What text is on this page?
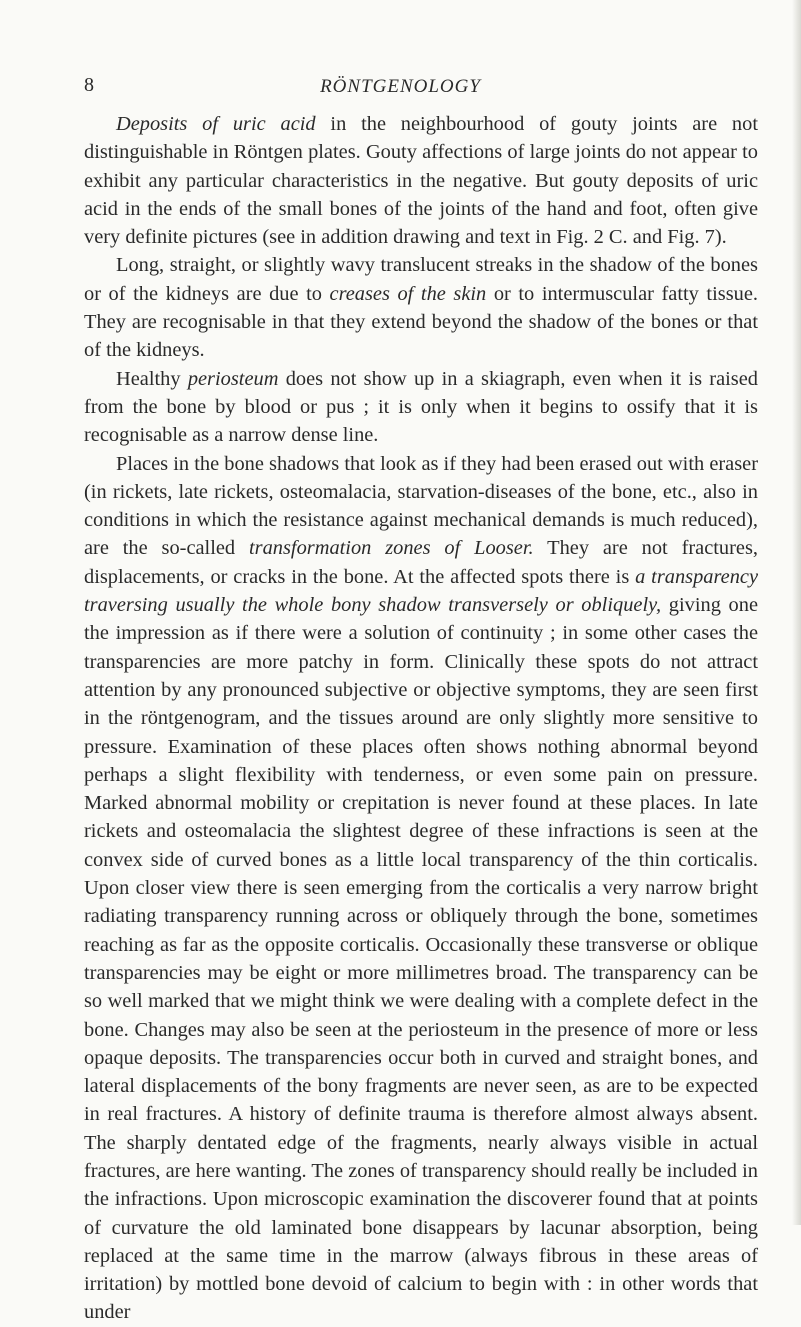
8	RÖNTGENOLOGY

Deposits of uric acid in the neighbourhood of gouty joints are not distinguishable in Röntgen plates. Gouty affections of large joints do not appear to exhibit any particular characteristics in the negative. But gouty deposits of uric acid in the ends of the small bones of the joints of the hand and foot, often give very definite pictures (see in addition drawing and text in Fig. 2 C. and Fig. 7).

Long, straight, or slightly wavy translucent streaks in the shadow of the bones or of the kidneys are due to creases of the skin or to intermuscular fatty tissue. They are recognisable in that they extend beyond the shadow of the bones or that of the kidneys.

Healthy periosteum does not show up in a skiagraph, even when it is raised from the bone by blood or pus ; it is only when it begins to ossify that it is recognisable as a narrow dense line.

Places in the bone shadows that look as if they had been erased out with eraser (in rickets, late rickets, osteomalacia, starvation-diseases of the bone, etc., also in conditions in which the resistance against mechanical demands is much reduced), are the so-called transformation zones of Looser. They are not fractures, displacements, or cracks in the bone. At the affected spots there is a transparency traversing usually the whole bony shadow transversely or obliquely, giving one the impression as if there were a solution of continuity ; in some other cases the transparencies are more patchy in form. Clinically these spots do not attract attention by any pronounced subjective or objective symptoms, they are seen first in the röntgenogram, and the tissues around are only slightly more sensitive to pressure. Examination of these places often shows nothing abnormal beyond perhaps a slight flexibility with tenderness, or even some pain on pressure. Marked abnormal mobility or crepitation is never found at these places. In late rickets and osteomalacia the slightest degree of these infractions is seen at the convex side of curved bones as a little local transparency of the thin corticalis. Upon closer view there is seen emerging from the corticalis a very narrow bright radiating transparency running across or obliquely through the bone, sometimes reaching as far as the opposite corticalis. Occasionally these transverse or oblique transparencies may be eight or more millimetres broad. The transparency can be so well marked that we might think we were dealing with a complete defect in the bone. Changes may also be seen at the periosteum in the presence of more or less opaque deposits. The transparencies occur both in curved and straight bones, and lateral displacements of the bony fragments are never seen, as are to be expected in real fractures. A history of definite trauma is therefore almost always absent. The sharply dentated edge of the fragments, nearly always visible in actual fractures, are here wanting. The zones of transparency should really be included in the infractions. Upon microscopic examination the discoverer found that at points of curvature the old laminated bone disappears by lacunar absorption, being replaced at the same time in the marrow (always fibrous in these areas of irritation) by mottled bone devoid of calcium to begin with : in other words that under
